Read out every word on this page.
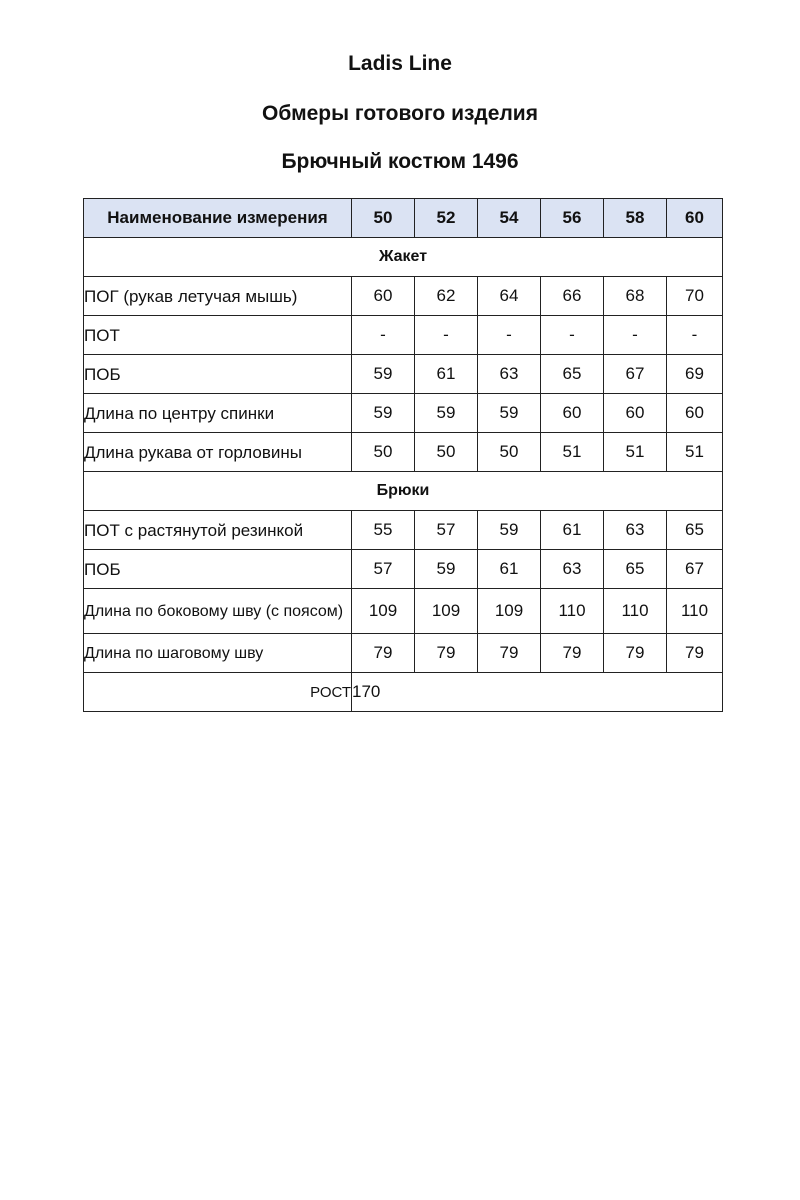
Ladis Line
Обмеры готового изделия
Брючный костюм 1496
Наименование измерения	50	52	54	56	58	60
Жакет						
ПОГ (рукав летучая мышь)	60	62	64	66	68	70
ПОТ	-	-	-	-	-	-
ПОБ	59	61	63	65	67	69
Длина по центру спинки	59	59	59	60	60	60
Длина рукава от горловины	50	50	50	51	51	51
Брюки						
ПОТ с растянутой резинкой	55	57	59	61	63	65
ПОБ	57	59	61	63	65	67
Длина по боковому шву (с поясом)	109	109	109	110	110	110
Длина по шаговому шву	79	79	79	79	79	79
РОСТ	170					
